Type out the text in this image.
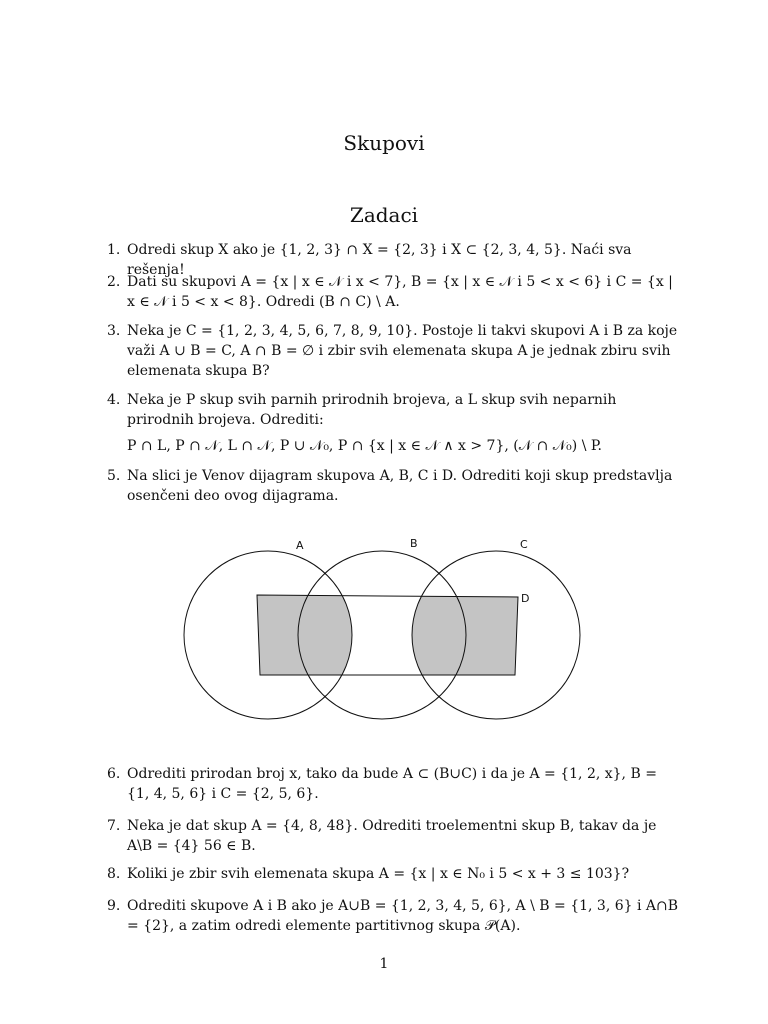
Skupovi
Zadaci
1. Odredi skup X ako je {1, 2, 3} ∩ X = {2, 3} i X ⊂ {2, 3, 4, 5}. Naći sva rešenja!
2. Dati su skupovi A = {x | x ∈ 𝒩 i x < 7}, B = {x | x ∈ 𝒩 i 5 < x < 6} i C = {x | x ∈ 𝒩 i 5 < x < 8}. Odredi (B ∩ C) \ A.
3. Neka je C = {1, 2, 3, 4, 5, 6, 7, 8, 9, 10}. Postoje li takvi skupovi A i B za koje važi A ∪ B = C, A ∩ B = ∅ i zbir svih elemenata skupa A je jednak zbiru svih elemenata skupa B?
4. Neka je P skup svih parnih prirodnih brojeva, a L skup svih neparnih prirodnih brojeva. Odrediti:
P ∩ L, P ∩ 𝒩, L ∩ 𝒩, P ∪ 𝒩₀, P ∩ {x | x ∈ 𝒩 ∧ x > 7}, (𝒩 ∩ 𝒩₀) \ P.
5. Na slici je Venov dijagram skupova A, B, C i D. Odrediti koji skup predstavlja osenčeni deo ovog dijagrama.
6. Odrediti prirodan broj x, tako da bude A ⊂ (B∪C) i da je A = {1, 2, x}, B = {1, 4, 5, 6} i C = {2, 5, 6}.
7. Neka je dat skup A = {4, 8, 48}. Odrediti troelementni skup B, takav da je A\B = {4} 56 ∈ B.
8. Koliki je zbir svih elemenata skupa A = {x | x ∈ N₀ i 5 < x + 3 ≤ 103}?
9. Odrediti skupove A i B ako je A∪B = {1, 2, 3, 4, 5, 6}, A \ B = {1, 3, 6} i A∩B = {2}, a zatim odredi elemente partitivnog skupa 𝒫(A).
A	B	C
D
1
